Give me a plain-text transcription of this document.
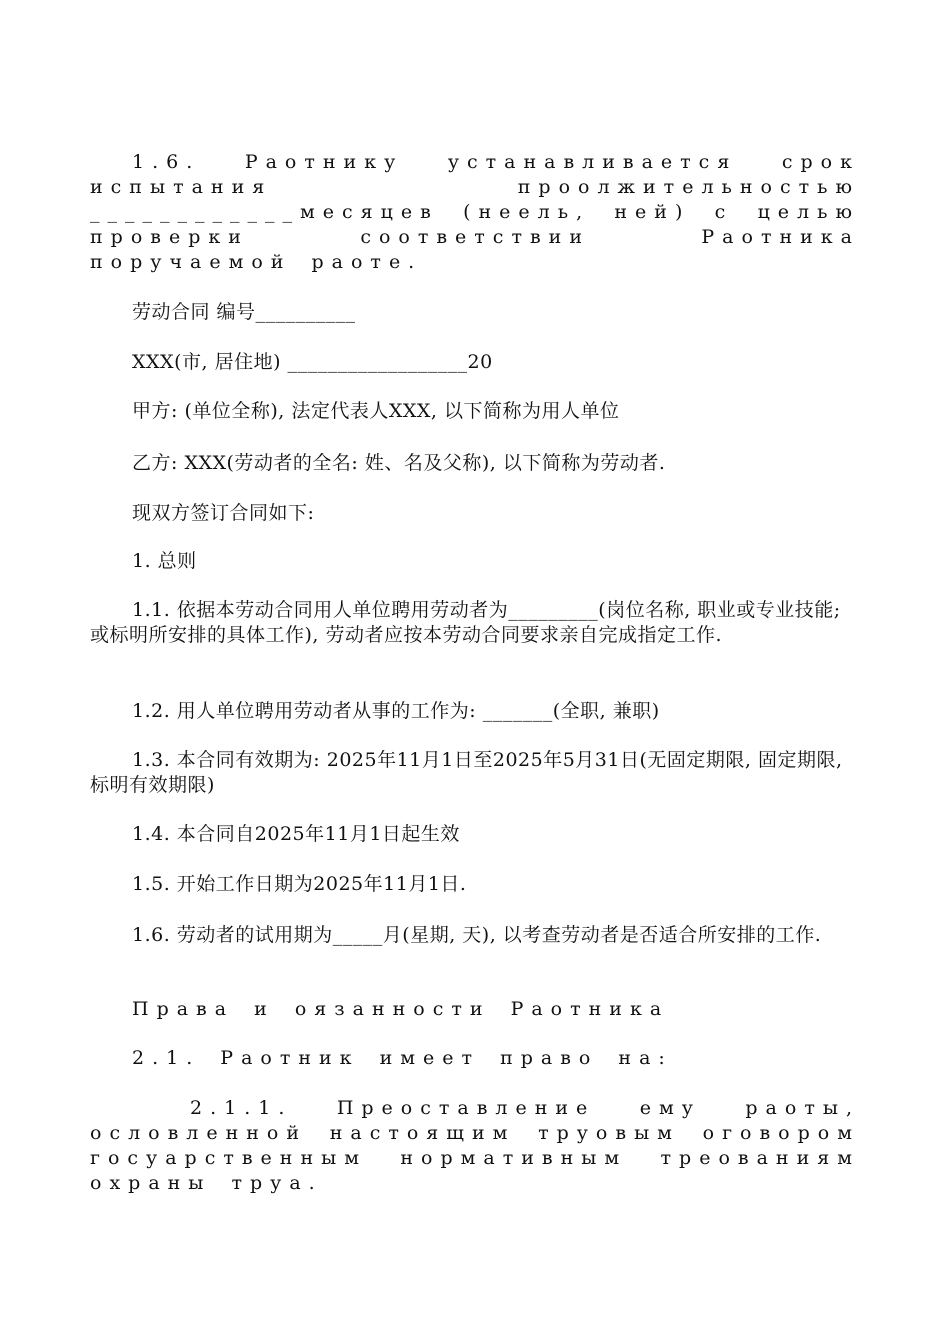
1.6. Раотнику устанавливается срок испытания проолжительностью ____________месяцев (неель, ней) с целью проверки соответствии Раотника поручаемой раоте.

劳动合同 编号__________

XXX(市, 居住地) __________________20

甲方: (单位全称), 法定代表人XXX, 以下简称为用人单位

乙方: XXX(劳动者的全名: 姓、名及父称), 以下简称为劳动者.

现双方签订合同如下:

1. 总则

1.1. 依据本劳动合同用人单位聘用劳动者为_________(岗位名称, 职业或专业技能; 或标明所安排的具体工作), 劳动者应按本劳动合同要求亲自完成指定工作.

1.2. 用人单位聘用劳动者从事的工作为: _______(全职, 兼职)

1.3. 本合同有效期为: 2025年11月1日至2025年5月31日(无固定期限, 固定期限, 标明有效期限)

1.4. 本合同自2025年11月1日起生效

1.5. 开始工作日期为2025年11月1日.

1.6. 劳动者的试用期为_____月(星期, 天), 以考查劳动者是否适合所安排的工作.

Права и оязанности Раотника

2.1. Раотник имеет право на:

2.1.1. Преоставление ему раоты, ословленной настоящим труовым оговором госуарственным нормативным треованиям охраны труа.
